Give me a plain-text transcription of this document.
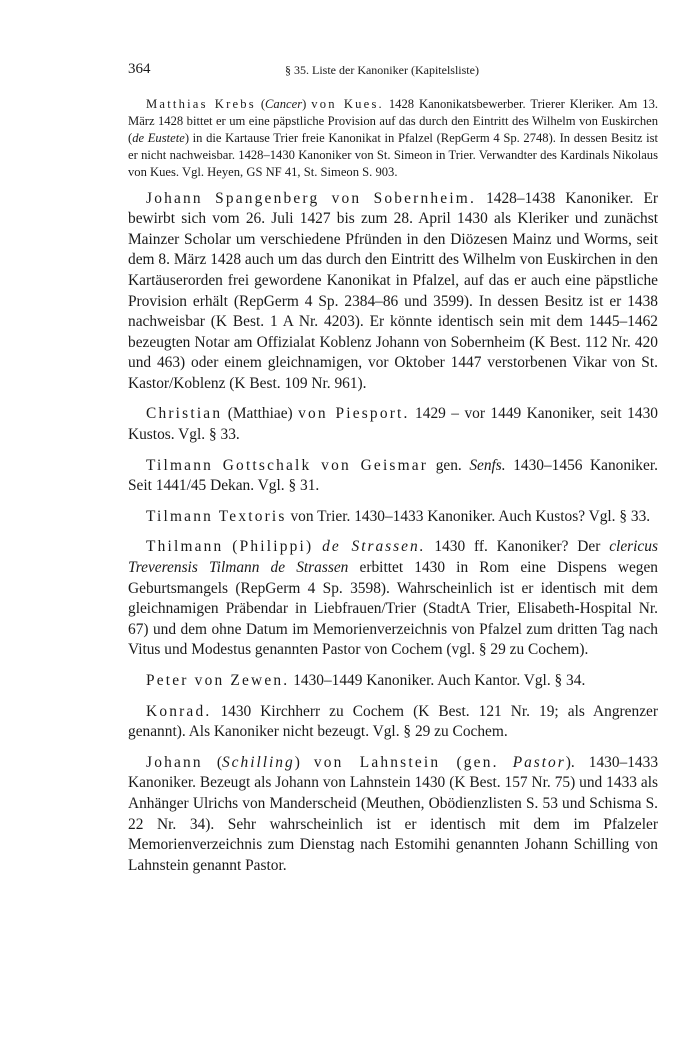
364	§ 35. Liste der Kanoniker (Kapitelsliste)

Matthias Krebs (Cancer) von Kues. 1428 Kanonikatsbewerber. Trierer Kleriker. Am 13. März 1428 bittet er um eine päpstliche Provision auf das durch den Eintritt des Wilhelm von Euskirchen (de Eustete) in die Kartause Trier freie Kanonikat in Pfalzel (RepGerm 4 Sp. 2748). In dessen Besitz ist er nicht nachweisbar. 1428–1430 Kanoniker von St. Simeon in Trier. Verwandter des Kardinals Nikolaus von Kues. Vgl. Heyen, GS NF 41, St. Simeon S. 903.

Johann Spangenberg von Sobernheim. 1428–1438 Kanoniker. Er bewirbt sich vom 26. Juli 1427 bis zum 28. April 1430 als Kleriker und zunächst Mainzer Scholar um verschiedene Pfründen in den Diözesen Mainz und Worms, seit dem 8. März 1428 auch um das durch den Eintritt des Wilhelm von Euskirchen in den Kartäuserorden frei gewordene Kanonikat in Pfalzel, auf das er auch eine päpstliche Provision erhält (RepGerm 4 Sp. 2384–86 und 3599). In dessen Besitz ist er 1438 nachweisbar (K Best. 1 A Nr. 4203). Er könnte identisch sein mit dem 1445–1462 bezeugten Notar am Offizialat Koblenz Johann von Sobernheim (K Best. 112 Nr. 420 und 463) oder einem gleichnamigen, vor Oktober 1447 verstorbenen Vikar von St. Kastor/Koblenz (K Best. 109 Nr. 961).

Christian (Matthiae) von Piesport. 1429 – vor 1449 Kanoniker, seit 1430 Kustos. Vgl. § 33.

Tilmann Gottschalk von Geismar gen. Senfs. 1430–1456 Kanoniker. Seit 1441/45 Dekan. Vgl. § 31.

Tilmann Textoris von Trier. 1430–1433 Kanoniker. Auch Kustos? Vgl. § 33.

Thilmann (Philippi) de Strassen. 1430 ff. Kanoniker? Der clericus Treverensis Tilmann de Strassen erbittet 1430 in Rom eine Dispens wegen Geburtsmangels (RepGerm 4 Sp. 3598). Wahrscheinlich ist er identisch mit dem gleichnamigen Präbendar in Liebfrauen/Trier (StadtA Trier, Elisabeth-Hospital Nr. 67) und dem ohne Datum im Memorienverzeichnis von Pfalzel zum dritten Tag nach Vitus und Modestus genannten Pastor von Cochem (vgl. § 29 zu Cochem).

Peter von Zewen. 1430–1449 Kanoniker. Auch Kantor. Vgl. § 34.

Konrad. 1430 Kirchherr zu Cochem (K Best. 121 Nr. 19; als Angrenzer genannt). Als Kanoniker nicht bezeugt. Vgl. § 29 zu Cochem.

Johann (Schilling) von Lahnstein (gen. Pastor). 1430–1433 Kanoniker. Bezeugt als Johann von Lahnstein 1430 (K Best. 157 Nr. 75) und 1433 als Anhänger Ulrichs von Manderscheid (Meuthen, Obödienzlisten S. 53 und Schisma S. 22 Nr. 34). Sehr wahrscheinlich ist er identisch mit dem im Pfalzeler Memorienverzeichnis zum Dienstag nach Estomihi genannten Johann Schilling von Lahnstein genannt Pastor.
